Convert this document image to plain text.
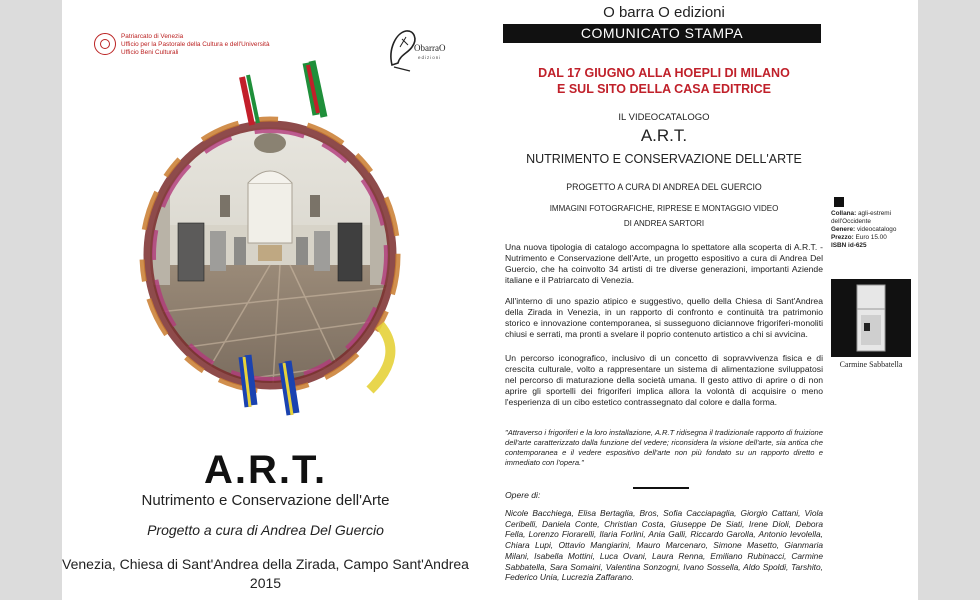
Patriarcato di Venezia
Ufficio per la Pastorale della Cultura e dell'Università
Ufficio Beni Culturali	ObarraO
edizioni
A.R.T.
Nutrimento e Conservazione dell'Arte
Progetto a cura di Andrea Del Guercio
Venezia, Chiesa di Sant'Andrea della Zirada, Campo Sant'Andrea
2015
O barra O edizioni
COMUNICATO STAMPA
DAL 17 GIUGNO ALLA HOEPLI DI MILANO
E SUL SITO DELLA CASA EDITRICE
IL VIDEOCATALOGO
A.R.T.
NUTRIMENTO E CONSERVAZIONE DELL'ARTE
PROGETTO A CURA DI ANDREA DEL GUERCIO
IMMAGINI FOTOGRAFICHE, RIPRESE E MONTAGGIO VIDEO
DI ANDREA SARTORI
Una nuova tipologia di catalogo accompagna lo spettatore alla scoperta di A.R.T. - Nutrimento e Conservazione dell'Arte, un progetto espositivo a cura di Andrea Del Guercio, che ha coinvolto 34 artisti di tre diverse generazioni, importanti Aziende italiane e il Patriarcato di Venezia.
All'interno di uno spazio atipico e suggestivo, quello della Chiesa di Sant'Andrea della Zirada in Venezia, in un rapporto di confronto e continuità tra patrimonio storico e innovazione contemporanea, si susseguono diciannove frigoriferi-monoliti chiusi e serrati, ma pronti a svelare il poprio contenuto artistico a chi si avvicina.
Un percorso iconografico, inclusivo di un concetto di sopravvivenza fisica e di crescita culturale, volto a rappresentare un sistema di alimentazione sviluppatosi nel percorso di maturazione della società umana. Il gesto attivo di aprire o di non aprire gli sportelli dei frigoriferi implica allora la volontà di acquisire o meno l'esperienza di un cibo estetico contrassegnato dal colore e dalla forma.
"Attraverso i frigoriferi e la loro installazione, A.R.T ridisegna il tradizionale rapporto di fruizione dell'arte caratterizzato dalla funzione del vedere; riconsidera la visione dell'arte, sia antica che contemporanea e il vedere espositivo dell'arte non più fondato su un rapporto diretto e immediato con l'opera."
Opere di:
Nicole Bacchiega, Elisa Bertaglia, Bros, Sofia Cacciapaglia, Giorgio Cattani, Viola Ceribelli, Daniela Conte, Christian Costa, Giuseppe De Siati, Irene Dioli, Debora Fella, Lorenzo Fiorarelli, Ilaria Forlini, Ania Galli, Riccardo Garolla, Antonio Ievolella, Chiara Lupi, Ottavio Mangiarini, Mauro Marcenaro, Simone Masetto, Gianmaria Milani, Isabella Mottini, Luca Ovani, Laura Renna, Emiliano Rubinacci, Carmine Sabbatella, Sara Somaini, Valentina Sonzogni, Ivano Sossella, Aldo Spoldi, Tarshito, Federico Unia, Lucrezia Zaffarano.
Collana: agli-estremi dell'Occidente
Genere: videocatalogo
Prezzo: Euro 15.00
ISBN id-625
Carmine Sabbatella
